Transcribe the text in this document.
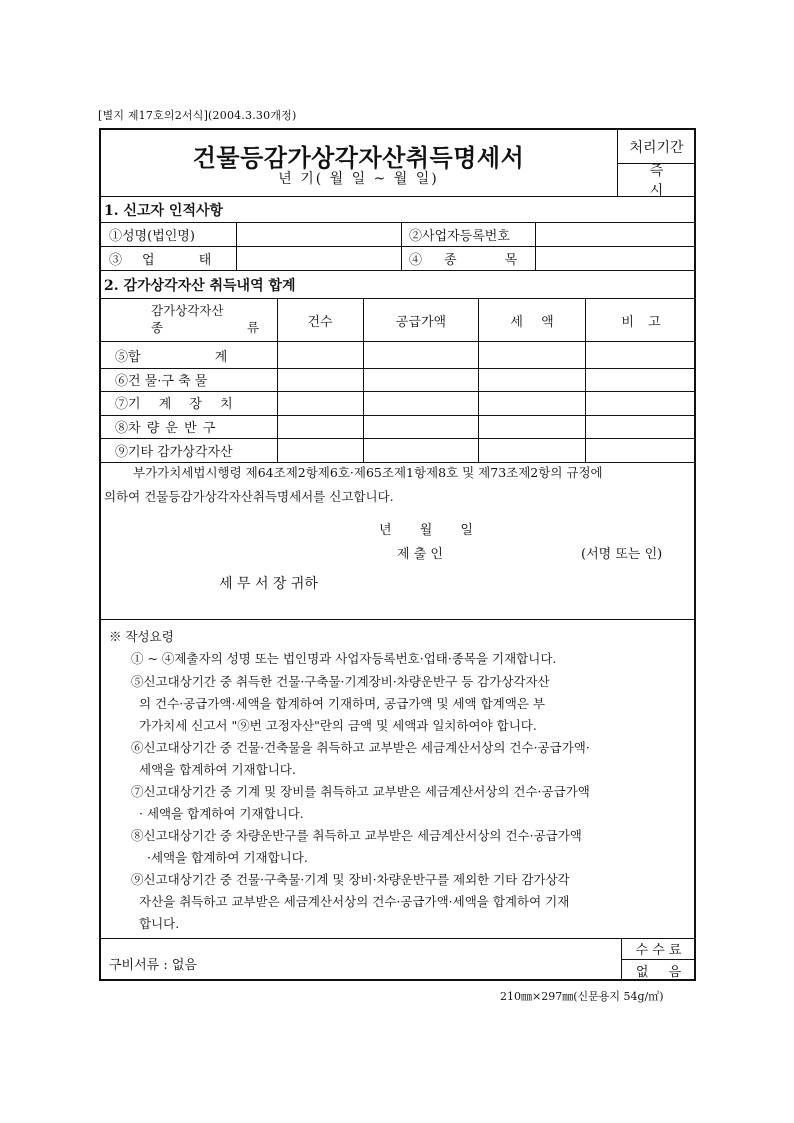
[별지 제17호의2서식](2004.3.30개정)
건물등감가상각자산취득명세서
년 기( 월 일 ~ 월 일)
처리기간
즉 시
1. 신고자 인적사항
①성명(법인명)	②사업자등록번호
③업 태	④종 목
2. 감가상각자산 취득내역 합계
감가상각자산
종 류 건수	공급가액	세 액	비 고
⑤합 계
⑥건 물·구 축 물
⑦기 계 장 치
⑧차 량 운 반 구
⑨기타 감가상각자산
부가가치세법시행령 제64조제2항제6호·제65조제1항제8호 및 제73조제2항의 규정에
의하여 건물등감가상각자산취득명세서를 신고합니다.
년 월 일
제 출 인	(서명 또는 인)
세 무 서 장 귀하
※ 작성요령
① ~ ④제출자의 성명 또는 법인명과 사업자등록번호·업태·종목을 기재합니다.
⑤신고대상기간 중 취득한 건물·구축물·기계장비·차량운반구 등 감가상각자산
의 건수·공급가액·세액을 합계하여 기재하며, 공급가액 및 세액 합계액은 부
가가치세 신고서 "⑨번 고정자산"란의 금액 및 세액과 일치하여야 합니다.
⑥신고대상기간 중 건물·건축물을 취득하고 교부받은 세금계산서상의 건수·공급가액·
세액을 합계하여 기재합니다.
⑦신고대상기간 중 기계 및 장비를 취득하고 교부받은 세금계산서상의 건수·공급가액
· 세액을 합계하여 기재합니다.
⑧신고대상기간 중 차량운반구를 취득하고 교부받은 세금계산서상의 건수·공급가액
·세액을 합계하여 기재합니다.
⑨신고대상기간 중 건물·구축물·기계 및 장비·차량운반구를 제외한 기타 감가상각
자산을 취득하고 교부받은 세금계산서상의 건수·공급가액·세액을 합계하여 기재
합니다.
구비서류 : 없음
수 수 료
없 음
210㎜×297㎜(신문용지 54g/㎡)
